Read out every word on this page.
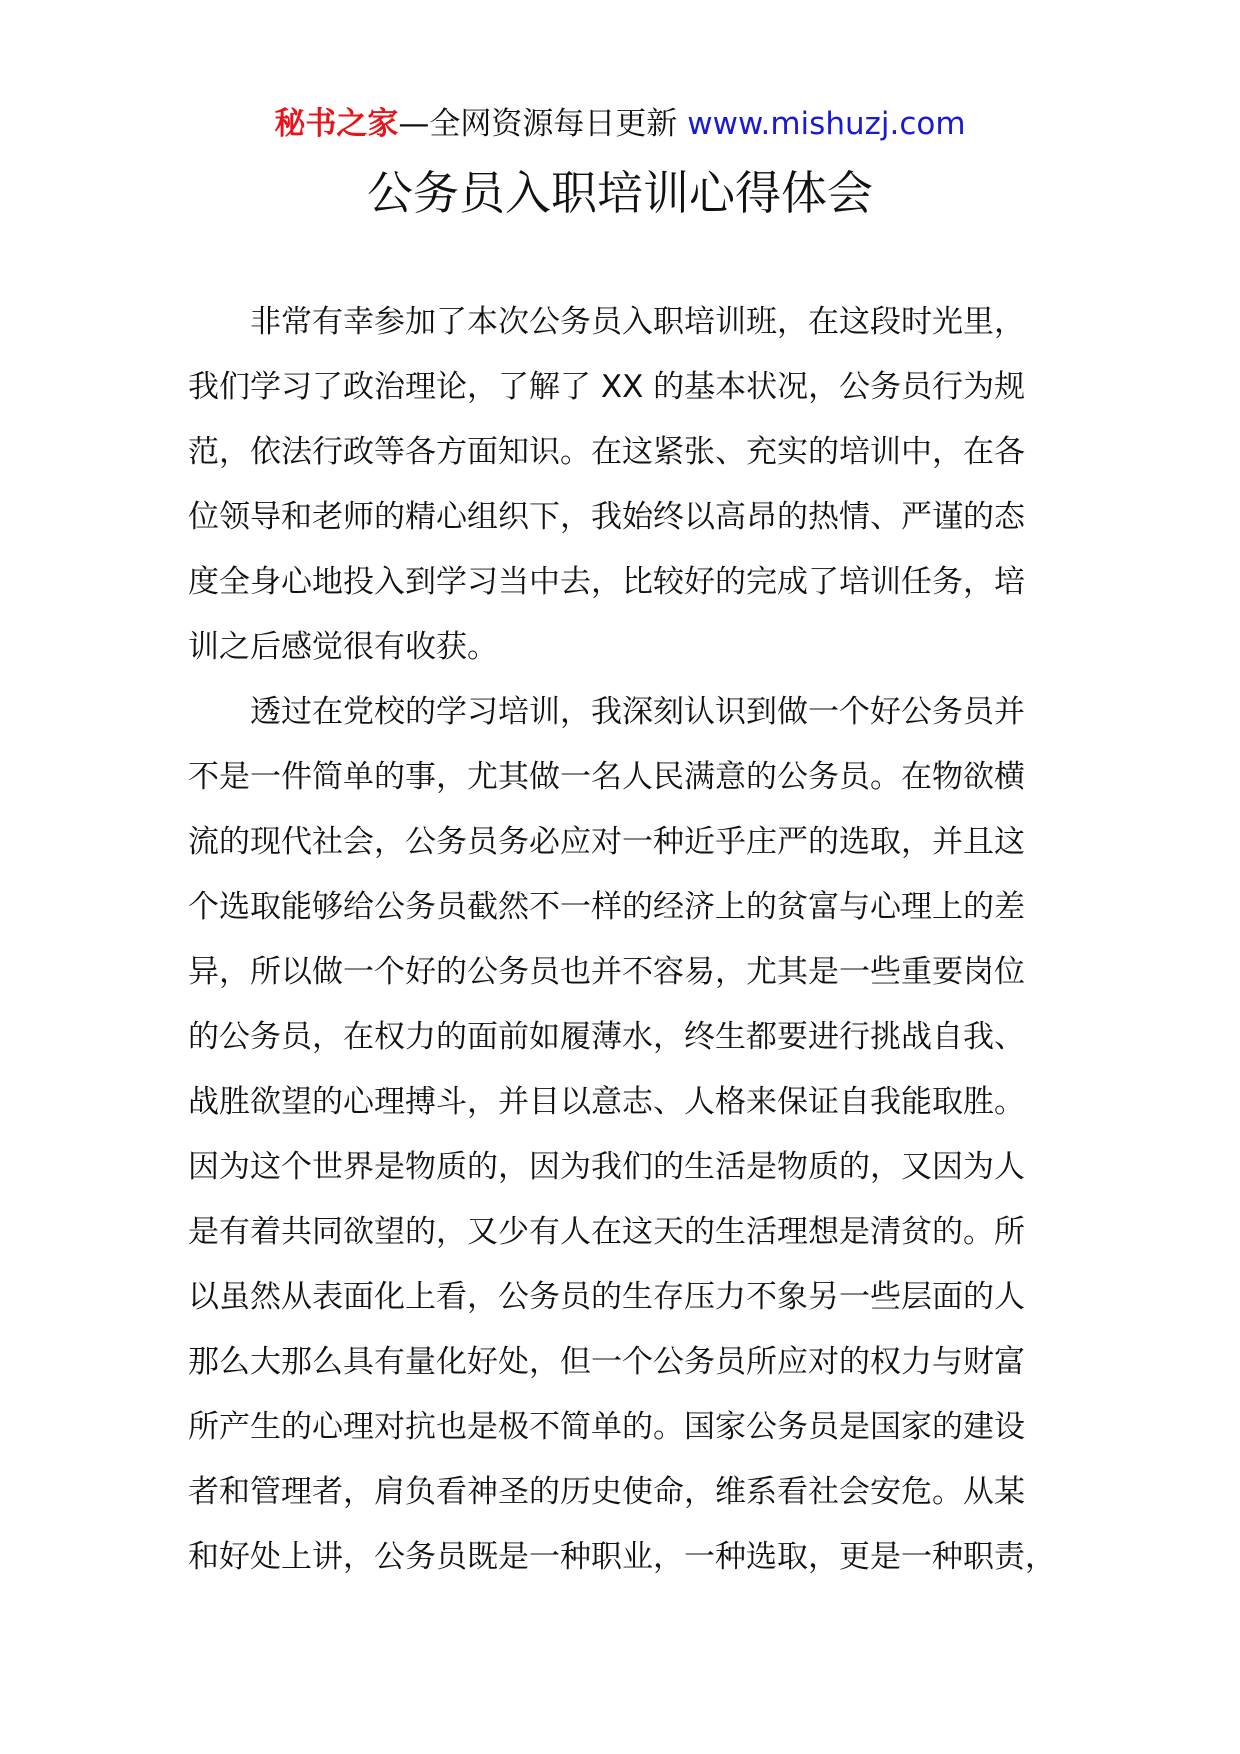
秘书之家—全网资源每日更新 www.mishuzj.com
公务员入职培训心得体会
非常有幸参加了本次公务员入职培训班，在这段时光里，
我们学习了政治理论，了解了 XX 的基本状况，公务员行为规
范，依法行政等各方面知识。在这紧张、充实的培训中，在各
位领导和老师的精心组织下，我始终以高昂的热情、严谨的态
度全身心地投入到学习当中去，比较好的完成了培训任务，培
训之后感觉很有收获。
透过在党校的学习培训，我深刻认识到做一个好公务员并
不是一件简单的事，尤其做一名人民满意的公务员。在物欲横
流的现代社会，公务员务必应对一种近乎庄严的选取，并且这
个选取能够给公务员截然不一样的经济上的贫富与心理上的差
异，所以做一个好的公务员也并不容易，尤其是一些重要岗位
的公务员，在权力的面前如履薄水，终生都要进行挑战自我、
战胜欲望的心理搏斗，并目以意志、人格来保证自我能取胜。
因为这个世界是物质的，因为我们的生活是物质的，又因为人
是有着共同欲望的，又少有人在这天的生活理想是清贫的。所
以虽然从表面化上看，公务员的生存压力不象另一些层面的人
那么大那么具有量化好处，但一个公务员所应对的权力与财富
所产生的心理对抗也是极不简单的。国家公务员是国家的建设
者和管理者，肩负看神圣的历史使命，维系看社会安危。从某
和好处上讲，公务员既是一种职业，一种选取，更是一种职责，
